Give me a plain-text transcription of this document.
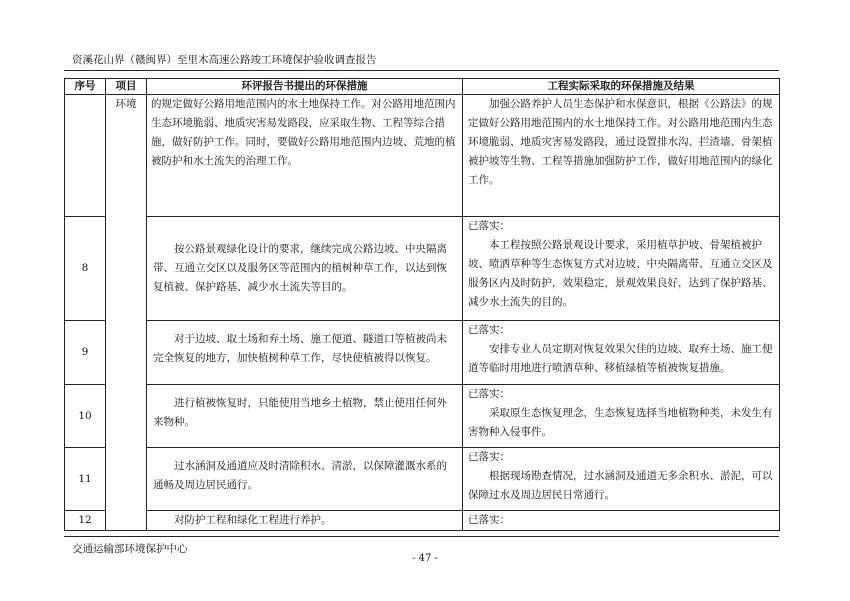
资溪花山界（赣闽界）至里木高速公路竣工环境保护验收调查报告
序号	项目	环评报告书提出的环保措施	工程实际采取的环保措施及结果
	环境	的规定做好公路用地范围内的水土地保持工作。对公路用地范围内生态环境脆弱、地质灾害易发路段，应采取生物、工程等综合措施，做好防护工作。同时，要做好公路用地范围内边坡、荒地的植被防护和水土流失的治理工作。	加强公路养护人员生态保护和水保意识，根据《公路法》的规定做好公路用地范围内的水土地保持工作。对公路用地范围内生态环境脆弱、地质灾害易发路段，通过设置排水沟、拦渣墙、骨架植被护坡等生物、工程等措施加强防护工作，做好用地范围内的绿化工作。

8		按公路景观绿化设计的要求，继续完成公路边坡、中央隔离带、互通立交区以及服务区等范围内的植树种草工作，以达到恢复植被、保护路基、减少水土流失等目的。	已落实：

本工程按照公路景观设计要求，采用植草护坡、骨架植被护坡、喷洒草种等生态恢复方式对边坡、中央隔离带、互通立交区及服务区内及时防护，效果稳定，景观效果良好，达到了保护路基、减少水土流失的目的。

9		对于边坡、取土场和弃土场、施工便道、隧道口等植被尚未完全恢复的地方，加快植树种草工作，尽快使植被得以恢复。	已落实：

安排专业人员定期对恢复效果欠佳的边坡、取弃土场、施工便道等临时用地进行喷洒草种、移植绿植等植被恢复措施。

10		进行植被恢复时，只能使用当地乡土植物，禁止使用任何外来物种。	已落实：

采取原生态恢复理念，生态恢复选择当地植物种类，未发生有害物种入侵事件。

11		过水涵洞及通道应及时清除积水、清淤，以保障灌溉水系的通畅及周边居民通行。	已落实：

根据现场勘查情况，过水涵洞及通道无多余积水、淤泥，可以保障过水及周边居民日常通行。

12		对防护工程和绿化工程进行养护。	已落实：

交通运输部环境保护中心
- 47 -
